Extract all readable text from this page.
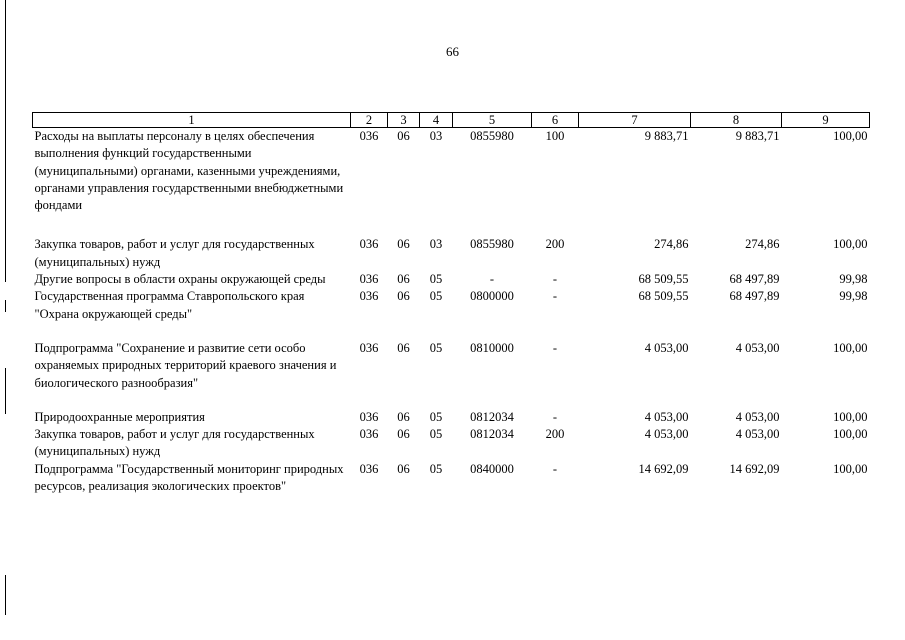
66
1	2	3	4	5	6	7	8	9
Расходы на выплаты персоналу в целях обеспечения выполнения функций государственными (муниципальными) органами, казенными учреждениями, органами управления государственными внебюджетными фондами	036	06	03	0855980	100	9 883,71	9 883,71	100,00
Закупка товаров, работ и услуг для государственных (муниципальных) нужд	036	06	03	0855980	200	274,86	274,86	100,00
Другие вопросы в области охраны окружающей среды	036	06	05	-	-	68 509,55	68 497,89	99,98
Государственная программа Ставропольского края "Охрана окружающей среды"	036	06	05	0800000	-	68 509,55	68 497,89	99,98
Подпрограмма "Сохранение и развитие сети особо охраняемых природных территорий краевого значения и биологического разнообразия"	036	06	05	0810000	-	4 053,00	4 053,00	100,00
Природоохранные мероприятия	036	06	05	0812034	-	4 053,00	4 053,00	100,00
Закупка товаров, работ и услуг для государственных (муниципальных) нужд	036	06	05	0812034	200	4 053,00	4 053,00	100,00
Подпрограмма "Государственный мониторинг природных ресурсов, реализация экологических проектов"	036	06	05	0840000	-	14 692,09	14 692,09	100,00
